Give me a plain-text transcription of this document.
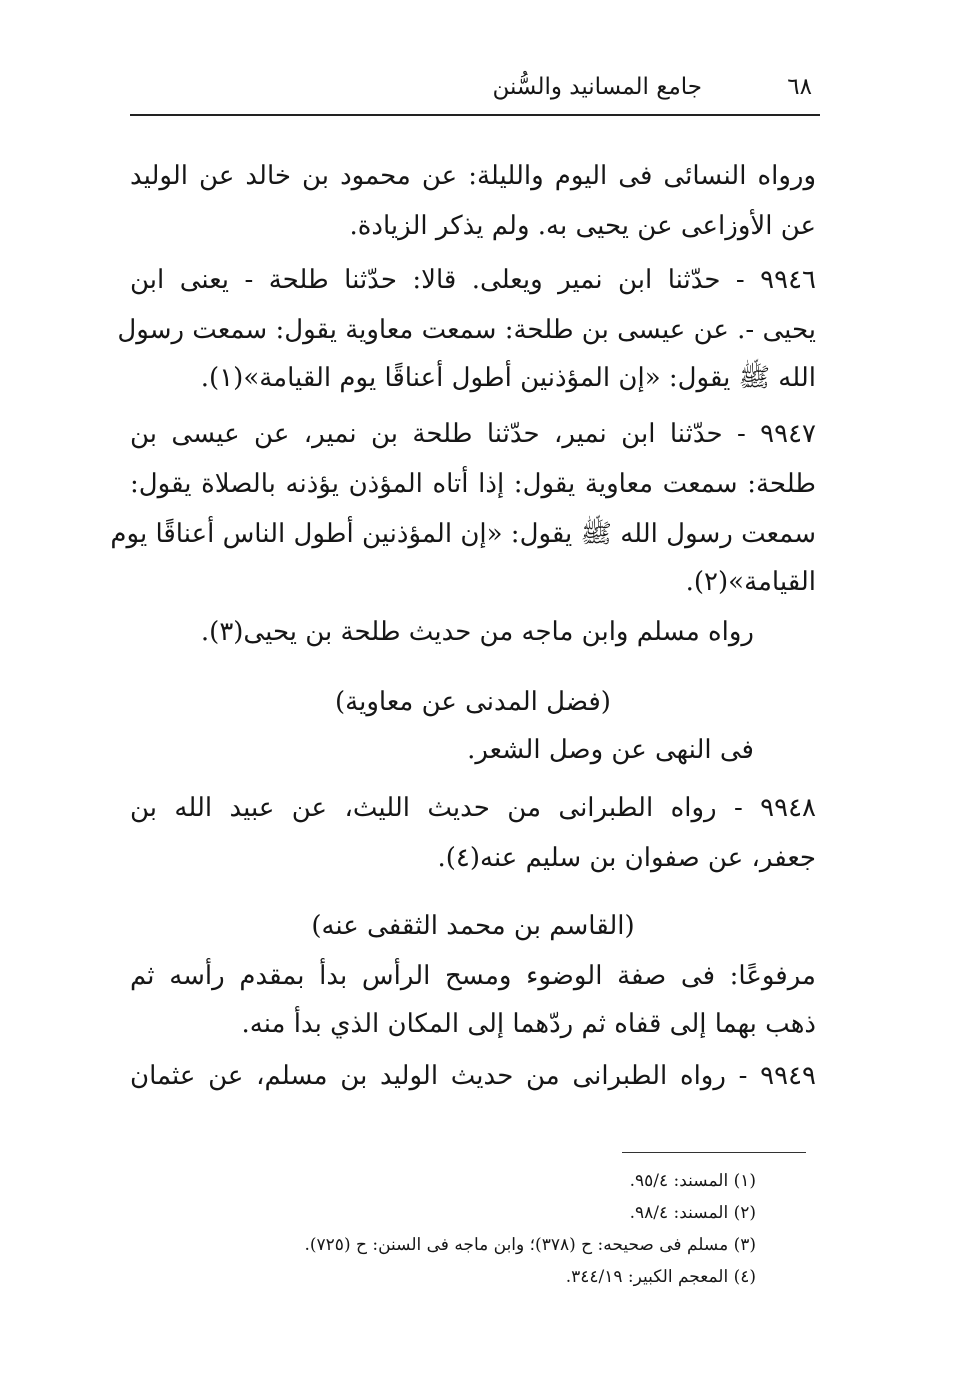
٦٨
جامع المسانيد والسُّنن
ورواه النسائى فى اليوم والليلة: عن محمود بن خالد عن الوليد
عن الأوزاعى عن يحيى به. ولم يذكر الزيادة.
٩٩٤٦ - حدّثنا ابن نمير ويعلى. قالا: حدّثنا طلحة - يعنى ابن
يحيى -. عن عيسى بن طلحة: سمعت معاوية يقول: سمعت رسول
الله ﷺ يقول: «إن المؤذنين أطول أعناقًا يوم القيامة»(١).
٩٩٤٧ - حدّثنا ابن نمير، حدّثنا طلحة بن نمير، عن عيسى بن
طلحة: سمعت معاوية يقول: إذا أتاه المؤذن يؤذنه بالصلاة يقول:
سمعت رسول الله ﷺ يقول: «إن المؤذنين أطول الناس أعناقًا يوم
القيامة»(٢).
رواه مسلم وابن ماجه من حديث طلحة بن يحيى(٣).
(فضل المدنى عن معاوية)
فى النهى عن وصل الشعر.
٩٩٤٨ - رواه الطبرانى من حديث الليث، عن عبيد الله بن
جعفر، عن صفوان بن سليم عنه(٤).
(القاسم بن محمد الثقفى عنه)
مرفوعًا: فى صفة الوضوء ومسح الرأس بدأ بمقدم رأسه ثم
ذهب بهما إلى قفاه ثم ردّهما إلى المكان الذي بدأ منه.
٩٩٤٩ - رواه الطبرانى من حديث الوليد بن مسلم، عن عثمان
(١) المسند: ٩٥/٤.
(٢) المسند: ٩٨/٤.
(٣) مسلم فى صحيحه: ح (٣٧٨)؛ وابن ماجه فى السنن: ح (٧٢٥).
(٤) المعجم الكبير: ٣٤٤/١٩.
